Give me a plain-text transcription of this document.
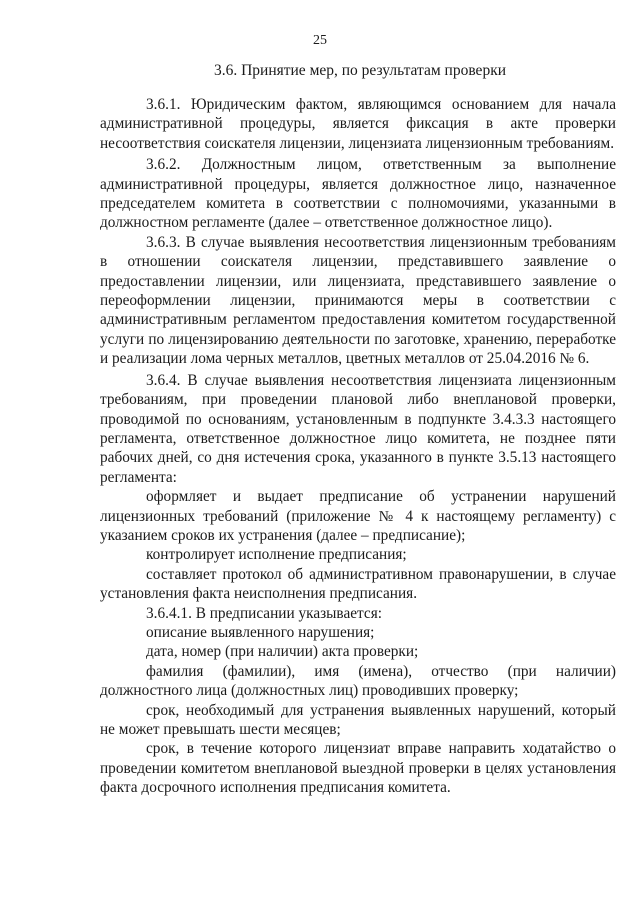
25
3.6. Принятие мер, по результатам проверки

3.6.1. Юридическим фактом, являющимся основанием для начала административной процедуры, является фиксация в акте проверки несоответствия соискателя лицензии, лицензиата лицензионным требованиям.

3.6.2. Должностным лицом, ответственным за выполнение административной процедуры, является должностное лицо, назначенное председателем комитета в соответствии с полномочиями, указанными в должностном регламенте (далее – ответственное должностное лицо).

3.6.3. В случае выявления несоответствия лицензионным требованиям в отношении соискателя лицензии, представившего заявление о предоставлении лицензии, или лицензиата, представившего заявление о переоформлении лицензии, принимаются меры в соответствии с административным регламентом предоставления комитетом государственной услуги по лицензированию деятельности по заготовке, хранению, переработке и реализации лома черных металлов, цветных металлов от 25.04.2016 № 6.

3.6.4. В случае выявления несоответствия лицензиата лицензионным требованиям, при проведении плановой либо внеплановой проверки, проводимой по основаниям, установленным в подпункте 3.4.3.3 настоящего регламента, ответственное должностное лицо комитета, не позднее пяти рабочих дней, со дня истечения срока, указанного в пункте 3.5.13 настоящего регламента:

оформляет и выдает предписание об устранении нарушений лицензионных требований (приложение № 4 к настоящему регламенту) с указанием сроков их устранения (далее – предписание);

контролирует исполнение предписания;

составляет протокол об административном правонарушении, в случае установления факта неисполнения предписания.

3.6.4.1. В предписании указывается:

описание выявленного нарушения;

дата, номер (при наличии) акта проверки;

фамилия (фамилии), имя (имена), отчество (при наличии) должностного лица (должностных лиц) проводивших проверку;

срок, необходимый для устранения выявленных нарушений, который не может превышать шести месяцев;

срок, в течение которого лицензиат вправе направить ходатайство о проведении комитетом внеплановой выездной проверки в целях установления факта досрочного исполнения предписания комитета.
